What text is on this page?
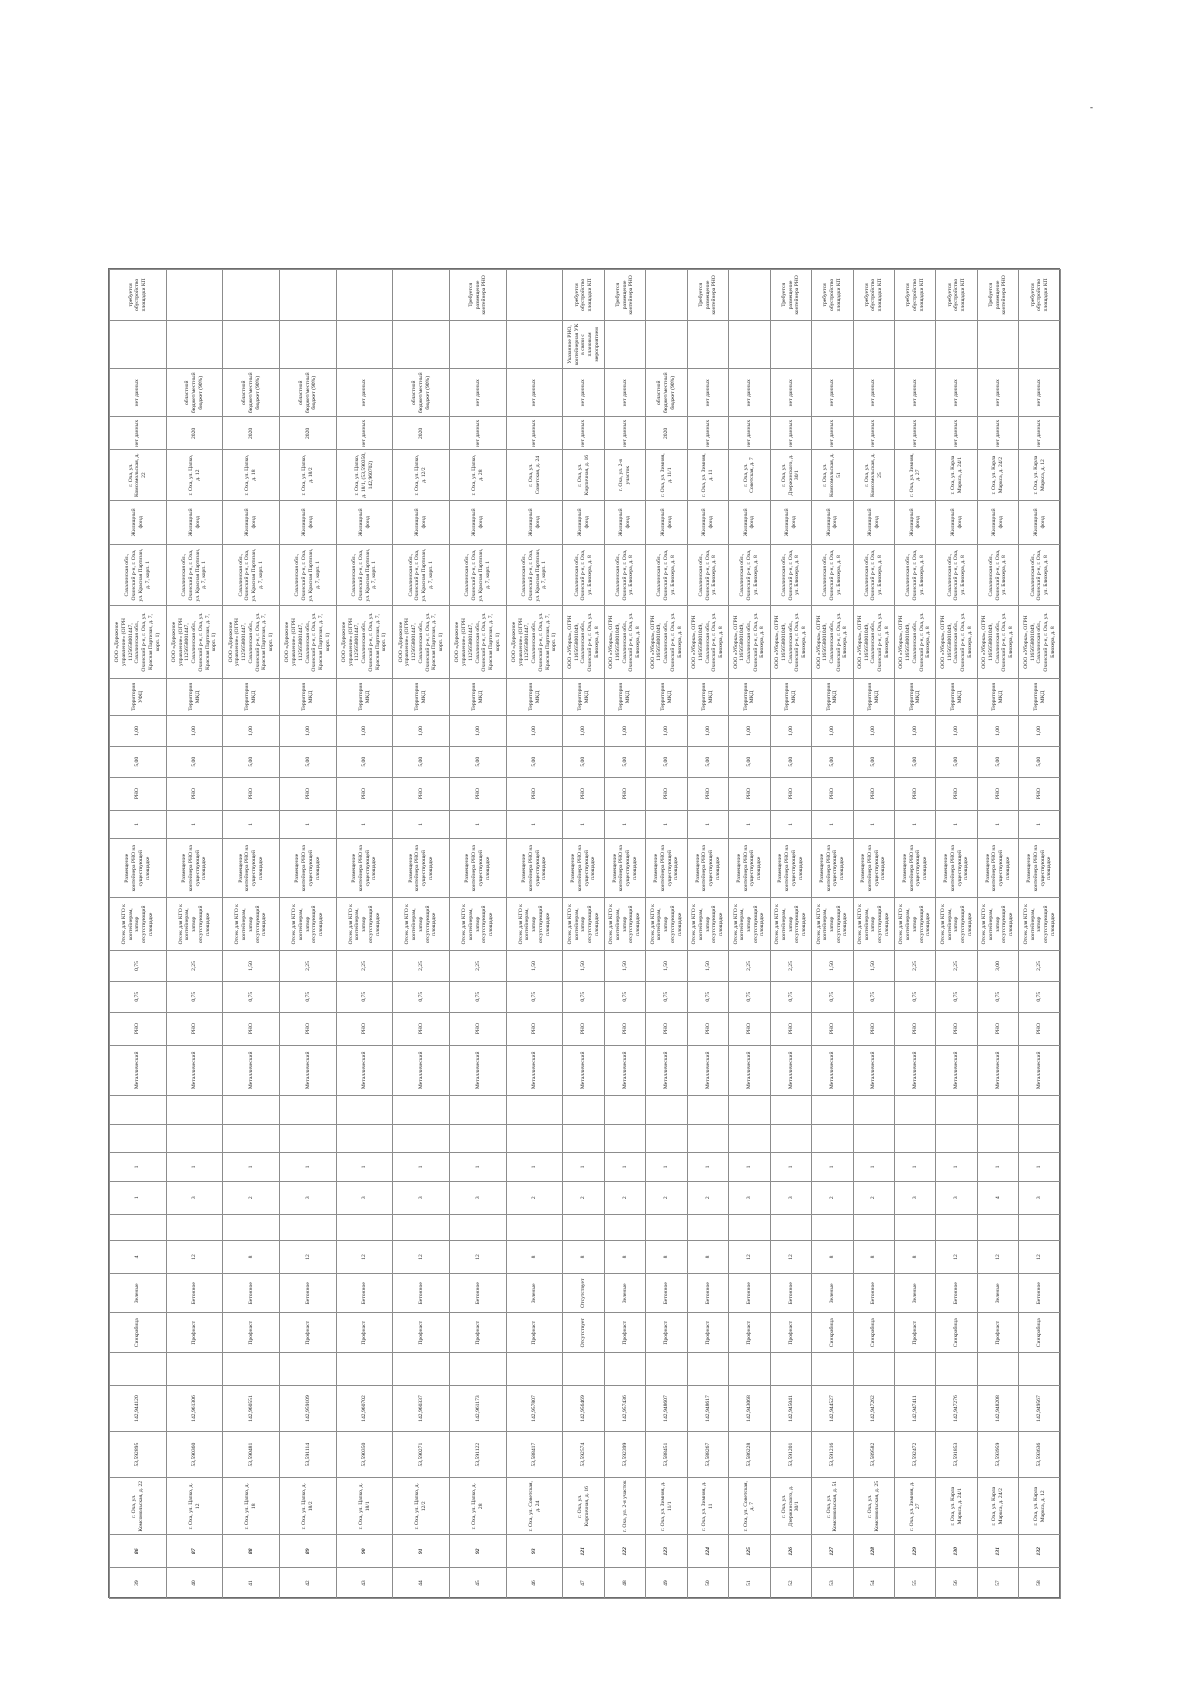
-
39	86	г. Оха, ул. Комсомольская, д. 22	53,592895	142,944120		Синкрабица	Зеленые	4		1	1			Металлический	PHO	0,75	0,75	Отсек для КГО к контейнерам, затвор отсутствующий площадке	Размещение контейнера РНО на существующей площадке	1	PHO	5,00	1,00	Территория УФЦ	ООО «Дорожное управление» (ОГРН 1125658001447, Сахалинская обл., Охинский р-н, г. Оха, ул. Красная Партизан, д. 7, корп. 1)	Сахалинская обл., Охинский р-н, г. Оха, ул. Красная Партизан, д. 7, корп. 1	Жилищный фонд	г. Оха, ул. Комсомольская, д. 22	нет данных	нет данных		требуется обустройство площадки КП
40	87	г. Оха, ул. Цапко, д. 12	53,590360	142,961306		Профнаст	Бетонное	12		3	1			Металлический	PHO	0,75	2,25	Отсек для КГО к контейнерам, затвор отсутствующий площадке	Размещение контейнера РНО на существующей площадке	1	PHO	5,00	1,00	Территория МКД	ООО «Дорожное управление» (ОГРН 1125658001447, Сахалинская обл., Охинский р-н, г. Оха, ул. Красная Партизан, д. 7, корп. 1)	Сахалинская обл., Охинский р-н, г. Оха, ул. Красная Партизан, д. 7, корп. 1	Жилищный фонд	г. Оха, ул. Цапко, д. 12	2020	областной бюджет/местный бюджет (90%)		
41	88	г. Оха, ул. Цапко, д. 18	53,590481	142,960551		Профнаст	Бетонное	8		2	1			Металлический	PHO	0,75	1,50	Отсек для КГО к контейнерам, затвор отсутствующий площадке	Размещение контейнера РНО на существующей площадке	1	PHO	5,00	1,00	Территория МКД	ООО «Дорожное управление» (ОГРН 1125658001447, Сахалинская обл., Охинский р-н, г. Оха, ул. Красная Партизан, д. 7, корп. 1)	Сахалинская обл., Охинский р-н, г. Оха, ул. Красная Партизан, д. 7, корп. 1	Жилищный фонд	г. Оха, ул. Цапко, д. 18	2020	областной бюджет/местный бюджет (90%)		
42	89	г. Оха, ул. Цапко, д. 18/2	53,591114	142,959109		Профнаст	Бетонное	12		3	1			Металлический	PHO	0,75	2,25	Отсек для КГО к контейнерам, затвор отсутствующий площадке	Размещение контейнера РНО на существующей площадке	1	PHO	5,00	1,00	Территория МКД	ООО «Дорожное управление» (ОГРН 1125658001447, Сахалинская обл., Охинский р-н, г. Оха, ул. Красная Партизан, д. 7, корп. 1)	Сахалинская обл., Охинский р-н, г. Оха, ул. Красная Партизан, д. 7, корп. 1	Жилищный фонд	г. Оха, ул. Цапко, д. 18/2	2020	областной бюджет/местный бюджет (90%)		
43	90	г. Оха, ул. Цапко, д. 18/1	53,590350	142,960702		Профнаст	Бетонное	12		3	1			Металлический	PHO	0,75	2,25	Отсек для КГО к контейнерам, затвор отсутствующий площадке	Размещение контейнера РНО на существующей площадке	1	PHO	5,00	1,00	Территория МКД	ООО «Дорожное управление» (ОГРН 1125658001447, Сахалинская обл., Охинский р-н, г. Оха, ул. Красная Партизан, д. 7, корп. 1)	Сахалинская обл., Охинский р-н, г. Оха, ул. Красная Партизан, д. 7, корп. 1	Жилищный фонд	г. Оха, ул. Цапко, д. 18/1, (53,590350, 142,960702)	нет данных	нет данных		
44	91	г. Оха, ул. Цапко, д. 12/2	53,590271	142,960337		Профнаст	Бетонное	12		3	1			Металлический	PHO	0,75	2,25	Отсек для КГО к контейнерам, затвор отсутствующий площадке	Размещение контейнера РНО на существующей площадке	1	PHO	5,00	1,00	Территория МКД	ООО «Дорожное управление» (ОГРН 1125658001447, Сахалинская обл., Охинский р-н, г. Оха, ул. Красная Партизан, д. 7, корп. 1)	Сахалинская обл., Охинский р-н, г. Оха, ул. Красная Партизан, д. 7, корп. 1	Жилищный фонд	г. Оха, ул. Цапко, д. 12/2	2020	областной бюджет/местный бюджет (90%)		
45	92	г. Оха, ул. Цапко, д. 28	53,591122	142,961173		Профнаст	Бетонное	12		3	1			Металлический	PHO	0,75	2,25	Отсек для КГО к контейнерам, затвор отсутствующий площадке	Размещение контейнера РНО на существующей площадке	1	PHO	5,00	1,00	Территория МКД	ООО «Дорожное управление» (ОГРН 1125658001447, Сахалинская обл., Охинский р-н, г. Оха, ул. Красная Партизан, д. 7, корп. 1)	Сахалинская обл., Охинский р-н, г. Оха, ул. Красная Партизан, д. 7, корп. 1	Жилищный фонд	г. Оха, ул. Цапко, д. 28	нет данных	нет данных		Требуется размещение контейнера РНО
46	93	г. Оха, ул. Советская, д. 24	53,588417	142,957807		Профнаст	Зеленые	8		2	1			Металлический	PHO	0,75	1,50	Отсек для КГО к контейнерам, затвор отсутствующий площадке	Размещение контейнера РНО на существующей площадке	1	PHO	5,00	1,00	Территория МКД	ООО «Дорожное управление» (ОГРН 1125658001447, Сахалинская обл., Охинский р-н, г. Оха, ул. Красная Партизан, д. 7, корп. 1)	Сахалинская обл., Охинский р-н, г. Оха, ул. Красная Партизан, д. 7, корп. 1	Жилищный фонд	г. Оха, ул. Советская, д. 24	нет данных	нет данных		
47	121	г. Оха, ул. Кирпичная, д. 16	53,592574	142,956469		Отсутствует	Отсутствует	8		2	1			Металлический	PHO	0,75	1,50	Отсек для КГО к контейнерам, затвор отсутствующий площадке	Размещение контейнера РНО на существующей площадке	1	PHO	5,00	1,00	Территория МКД	ООО «Уборка», ОГРН 1165658001049, Сахалинская обл., Охинский р-н, г. Оха, ул. Блюхера, д. 8	Сахалинская обл., Охинский р-н, г. Оха, ул. Блюхера, д. 8	Жилищный фонд	г. Оха, ул. Кирпичная, д. 16	нет данных	нет данных	Указанное РНО, контейнерная УК в связи с плановым мероприятием	требуется обустройство площадки КП
48	122	г. Оха, ул. 2-я участок	53,592399	142,957436		Профнаст	Зеленые	8		2	1			Металлический	PHO	0,75	1,50	Отсек для КГО к контейнерам, затвор отсутствующий площадке	Размещение контейнера РНО на существующей площадке	1	PHO	5,00	1,00	Территория МКД	ООО «Уборка», ОГРН 1165658001049, Сахалинская обл., Охинский р-н, г. Оха, ул. Блюхера, д. 8	Сахалинская обл., Охинский р-н, г. Оха, ул. Блюхера, д. 8	Жилищный фонд	г. Оха, ул. 2-я участок	нет данных	нет данных		Требуется размещение контейнера РНО
49	123	г. Оха, ул. Зимняя, д. 11/1	53,588451	142,948607		Профнаст	Бетонное	8		2	1			Металлический	PHO	0,75	1,50	Отсек для КГО к контейнерам, затвор отсутствующий площадке	Размещение контейнера РНО на существующей площадке	1	PHO	5,00	1,00	Территория МКД	ООО «Уборка», ОГРН 1165658001049, Сахалинская обл., Охинский р-н, г. Оха, ул. Блюхера, д. 8	Сахалинская обл., Охинский р-н, г. Оха, ул. Блюхера, д. 8	Жилищный фонд	г. Оха, ул. Зимняя, д. 11/1	2020	областной бюджет/местный бюджет (90%)		
50	124	г. Оха, ул. Зимняя, д. 11	53,588267	142,948617		Профнаст	Бетонное	8		2	1			Металлический	PHO	0,75	1,50	Отсек для КГО к контейнерам, затвор отсутствующий площадке	Размещение контейнера РНО на существующей площадке	1	PHO	5,00	1,00	Территория МКД	ООО «Уборка», ОГРН 1165658001049, Сахалинская обл., Охинский р-н, г. Оха, ул. Блюхера, д. 8	Сахалинская обл., Охинский р-н, г. Оха, ул. Блюхера, д. 8	Жилищный фонд	г. Оха, ул. Зимняя, д. 11	нет данных	нет данных		Требуется размещение контейнера РНО
51	125	г. Оха, ул. Советская, д. 7	53,586228	142,943068		Профнаст	Бетонное	12		3	1			Металлический	PHO	0,75	2,25	Отсек для КГО к контейнерам, затвор отсутствующий площадке	Размещение контейнера РНО на существующей площадке	1	PHO	5,00	1,00	Территория МКД	ООО «Уборка», ОГРН 1165658001049, Сахалинская обл., Охинский р-н, г. Оха, ул. Блюхера, д. 8	Сахалинская обл., Охинский р-н, г. Оха, ул. Блюхера, д. 8	Жилищный фонд	г. Оха, ул. Советская, д. 7	нет данных	нет данных		
52	126	г. Оха, ул. Дзержинского, д. 30/1	53,591201	142,945041		Профнаст	Бетонное	12		3	1			Металлический	PHO	0,75	2,25	Отсек для КГО к контейнерам, затвор отсутствующий площадке	Размещение контейнера РНО на существующей площадке	1	PHO	5,00	1,00	Территория МКД	ООО «Уборка», ОГРН 1165658001049, Сахалинская обл., Охинский р-н, г. Оха, ул. Блюхера, д. 8	Сахалинская обл., Охинский р-н, г. Оха, ул. Блюхера, д. 8	Жилищный фонд	г. Оха, ул. Дзержинского, д. 30/1	нет данных	нет данных		Требуется размещение контейнера РНО
53	127	г. Оха, ул. Комсомольская, д. 51	53,591216	142,944527		Синкрабица	Зеленые	8		2	1			Металлический	PHO	0,75	1,50	Отсек для КГО к контейнерам, затвор отсутствующий площадке	Размещение контейнера РНО на существующей площадке	1	PHO	5,00	1,00	Территория МКД	ООО «Уборка», ОГРН 1165658001049, Сахалинская обл., Охинский р-н, г. Оха, ул. Блюхера, д. 8	Сахалинская обл., Охинский р-н, г. Оха, ул. Блюхера, д. 8	Жилищный фонд	г. Оха, ул. Комсомольская, д. 51	нет данных	нет данных		требуется обустройство площадки КП
54	128	г. Оха, ул. Комсомольская, д. 25	53,589582	142,947262		Синкрабица	Бетонное	8		2	1			Металлический	PHO	0,75	1,50	Отсек для КГО к контейнерам, затвор отсутствующий площадке	Размещение контейнера РНО на существующей площадке	1	PHO	5,00	1,00	Территория МКД	ООО «Уборка», ОГРН 1165658001049, Сахалинская обл., Охинский р-н, г. Оха, ул. Блюхера, д. 8	Сахалинская обл., Охинский р-н, г. Оха, ул. Блюхера, д. 8	Жилищный фонд	г. Оха, ул. Комсомольская, д. 25	нет данных	нет данных		требуется обустройство площадки КП
55	129	г. Оха, ул. Зимняя, д. 27	53,592472	142,947411		Профнаст	Зеленые	8		3	1			Металлический	PHO	0,75	2,25	Отсек для КГО к контейнерам, затвор отсутствующий площадке	Размещение контейнера РНО на существующей площадке	1	PHO	5,00	1,00	Территория МКД	ООО «Уборка», ОГРН 1165658001049, Сахалинская обл., Охинский р-н, г. Оха, ул. Блюхера, д. 8	Сахалинская обл., Охинский р-н, г. Оха, ул. Блюхера, д. 8	Жилищный фонд	г. Оха, ул. Зимняя, д. 27	нет данных	нет данных		требуется обустройство площадки КП
56	130	г. Оха, ул. Карла Маркса, д. 24/1	53,591853	142,947276		Синкрабица	Бетонное	12		3	1			Металлический	PHO	0,75	2,25	Отсек для КГО к контейнерам, затвор отсутствующий площадке	Размещение контейнера РНО на существующей площадке	1	PHO	5,00	1,00	Территория МКД	ООО «Уборка», ОГРН 1165658001049, Сахалинская обл., Охинский р-н, г. Оха, ул. Блюхера, д. 8	Сахалинская обл., Охинский р-н, г. Оха, ул. Блюхера, д. 8	Жилищный фонд	г. Оха, ул. Карла Маркса, д. 24/1	нет данных	нет данных		требуется обустройство площадки КП
57	131	г. Оха, ул. Карла Маркса, д. 24/2	53,593959	142,948208		Профнаст	Зеленые	12		4	1			Металлический	PHO	0,75	3,00	Отсек для КГО к контейнерам, затвор отсутствующий площадке	Размещение контейнера РНО на существующей площадке	1	PHO	5,00	1,00	Территория МКД	ООО «Уборка», ОГРН 1165658001049, Сахалинская обл., Охинский р-н, г. Оха, ул. Блюхера, д. 8	Сахалинская обл., Охинский р-н, г. Оха, ул. Блюхера, д. 8	Жилищный фонд	г. Оха, ул. Карла Маркса, д. 24/2	нет данных	нет данных		Требуется размещение контейнера РНО
58	132	г. Оха, ул. Карла Маркса, д. 12	53,593636	142,949567		Синкрабица	Бетонное	12		3	1			Металлический	PHO	0,75	2,25	Отсек для КГО к контейнерам, затвор отсутствующий площадке	Размещение контейнера РНО на существующей площадке	1	PHO	5,00	1,00	Территория МКД	ООО «Уборка», ОГРН 1165658001049, Сахалинская обл., Охинский р-н, г. Оха, ул. Блюхера, д. 8	Сахалинская обл., Охинский р-н, г. Оха, ул. Блюхера, д. 8	Жилищный фонд	г. Оха, ул. Карла Маркса, д. 12	нет данных	нет данных		требуется обустройство площадки КП
